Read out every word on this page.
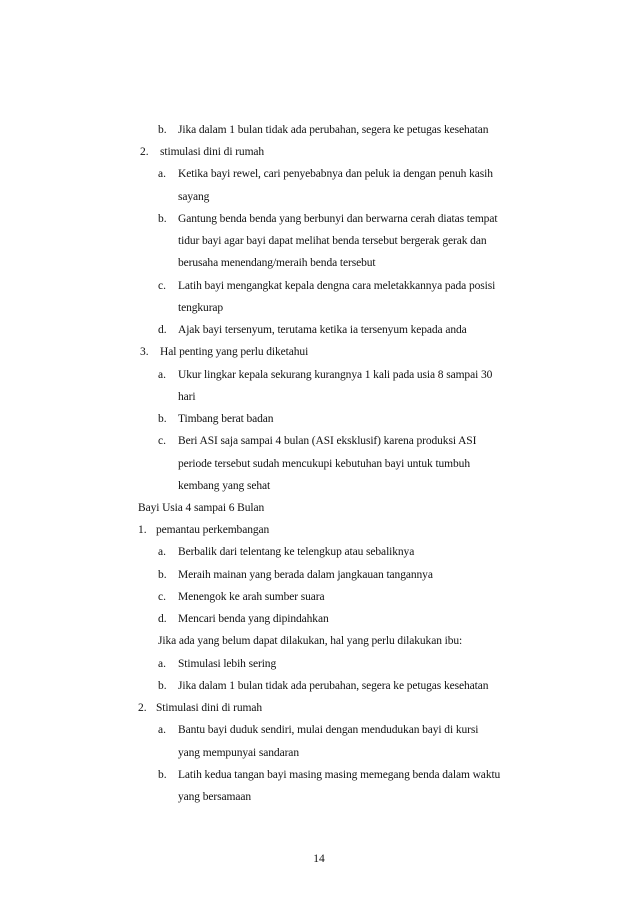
b. Jika dalam 1 bulan tidak ada perubahan, segera ke petugas kesehatan
2. stimulasi dini di rumah
a. Ketika bayi rewel, cari penyebabnya dan peluk ia dengan penuh kasih
sayang
b. Gantung benda benda yang berbunyi dan berwarna cerah diatas tempat
tidur bayi agar bayi dapat melihat benda tersebut bergerak gerak dan
berusaha menendang/meraih benda tersebut
c. Latih bayi mengangkat kepala dengna cara meletakkannya pada posisi
tengkurap
d. Ajak bayi tersenyum, terutama ketika ia tersenyum kepada anda
3. Hal penting yang perlu diketahui
a. Ukur lingkar kepala sekurang kurangnya 1 kali pada usia 8 sampai 30
hari
b. Timbang berat badan
c. Beri ASI saja sampai 4 bulan (ASI eksklusif) karena produksi ASI
periode tersebut sudah mencukupi kebutuhan bayi untuk tumbuh
kembang yang sehat
Bayi Usia 4 sampai 6 Bulan
1. pemantau perkembangan
a. Berbalik dari telentang ke telengkup atau sebaliknya
b. Meraih mainan yang berada dalam jangkauan tangannya
c. Menengok ke arah sumber suara
d. Mencari benda yang dipindahkan
Jika ada yang belum dapat dilakukan, hal yang perlu dilakukan ibu:
a. Stimulasi lebih sering
b. Jika dalam 1 bulan tidak ada perubahan, segera ke petugas kesehatan
2. Stimulasi dini di rumah
a. Bantu bayi duduk sendiri, mulai dengan mendudukan bayi di kursi
yang mempunyai sandaran
b. Latih kedua tangan bayi masing masing memegang benda dalam waktu
yang bersamaan
14
